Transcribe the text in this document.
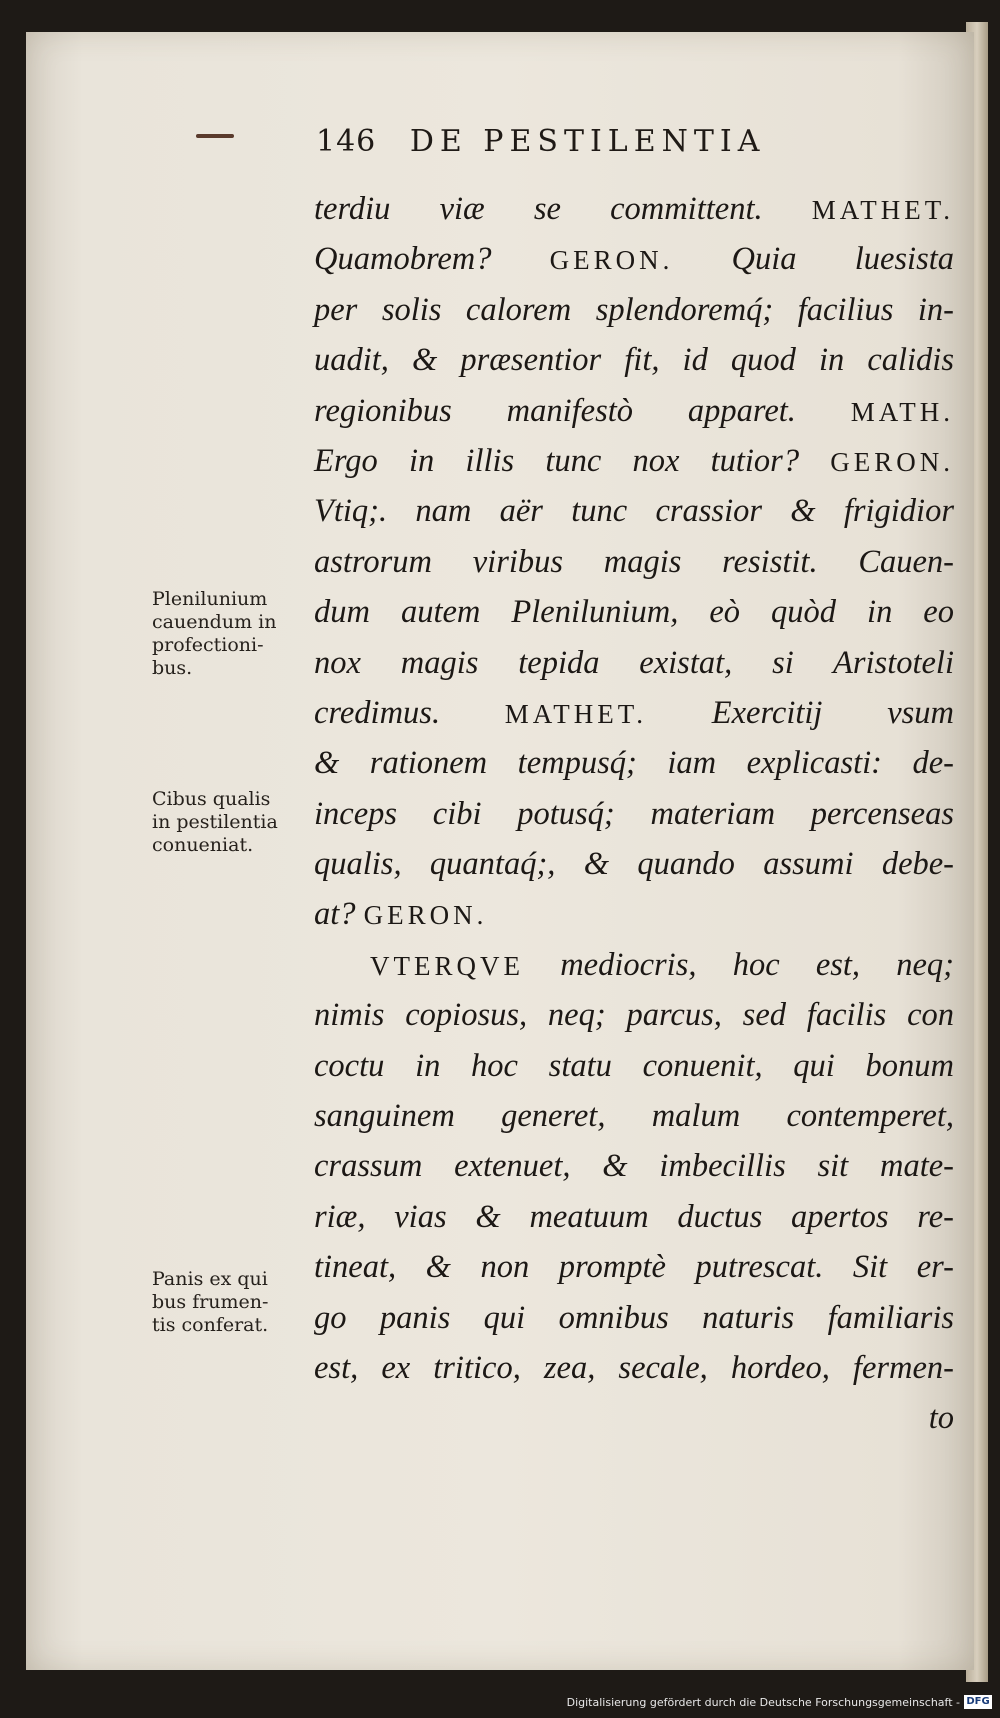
146 DE PESTILENTIA
terdiu viæ se committent. MATHET.
Quamobrem? GERON. Quia luesista
per solis calorem splendoremq́; facilius in-
uadit, & præsentior fit, id quod in calidis
regionibus manifestò apparet. MATH.
Ergo in illis tunc nox tutior? GERON.
Vtiq;. nam aër tunc crassior & frigidior
astrorum viribus magis resistit. Cauen-
dum autem Plenilunium, eò quòd in eo
nox magis tepida existat, si Aristoteli
credimus. MATHET. Exercitij vsum
& rationem tempusq́; iam explicasti: de-
inceps cibi potusq́; materiam percenseas
qualis, quantaq́;, & quando assumi debe-
at? GERON.
VTERQVE mediocris, hoc est, neq;
nimis copiosus, neq; parcus, sed facilis con
coctu in hoc statu conuenit, qui bonum
sanguinem generet, malum contemperet,
crassum extenuet, & imbecillis sit mate-
riæ, vias & meatuum ductus apertos re-
tineat, & non promptè putrescat. Sit er-
go panis qui omnibus naturis familiaris
est, ex tritico, zea, secale, hordeo, fermen-
to
Plenilunium
cauendum in
profectioni-
bus.
Cibus qualis
in pestilentia
conueniat.
Panis ex qui
bus frumen-
tis conferat.
Digitalisierung gefördert durch die Deutsche Forschungsgemeinschaft - DFG
